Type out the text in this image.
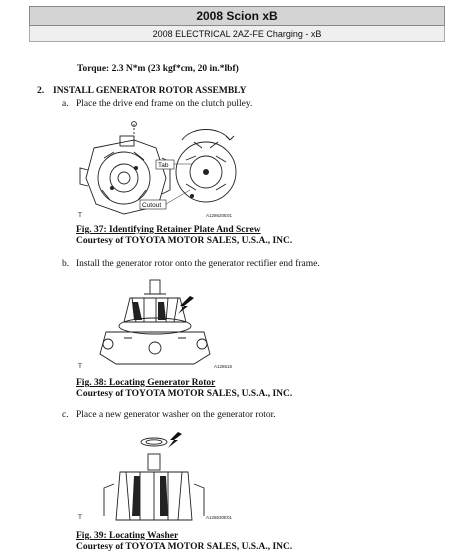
2008 Scion xB
2008 ELECTRICAL 2AZ-FE Charging - xB
Torque: 2.3 N*m (23 kgf*cm, 20 in.*lbf)
2. INSTALL GENERATOR ROTOR ASSEMBLY
a. Place the drive end frame on the clutch pulley.
Tab
Cutout
T	A128620E01
Fig. 37: Identifying Retainer Plate And Screw
Courtesy of TOYOTA MOTOR SALES, U.S.A., INC.
b. Install the generator rotor onto the generator rectifier end frame.
T	A128615
Fig. 38: Locating Generator Rotor
Courtesy of TOYOTA MOTOR SALES, U.S.A., INC.
c. Place a new generator washer on the generator rotor.
T	A128630E01
Fig. 39: Locating Washer
Courtesy of TOYOTA MOTOR SALES, U.S.A., INC.
